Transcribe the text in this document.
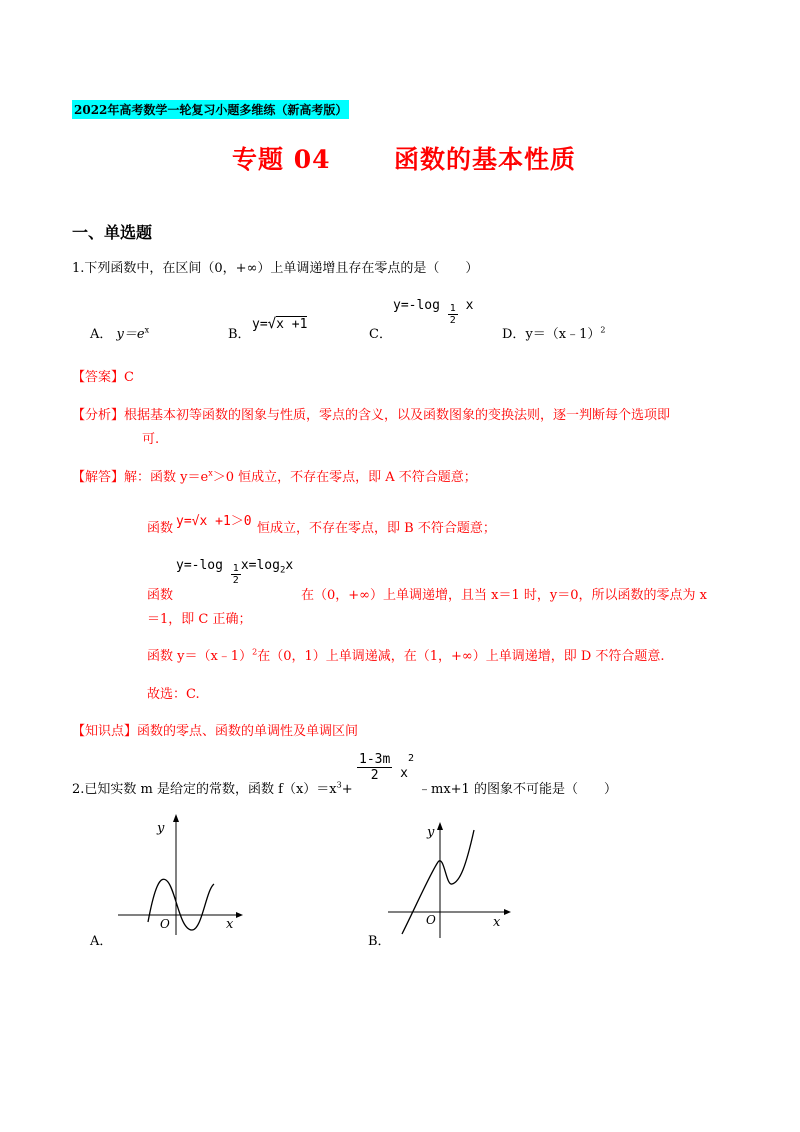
2022年高考数学一轮复习小题多维练（新高考版）
专题 04	函数的基本性质
一、单选题
1.下列函数中，在区间（0，+∞）上单调递增且存在零点的是（　　）
A． $y=e^x$	B．
y=√x +1
C．
$y=-\log \frac{1}{2}$ x
D．y＝（x﹣1）$^2$
【答案】C
【分析】根据基本初等函数的图象与性质，零点的含义，以及函数图象的变换法则，逐一判断每个选项即
可.
【解答】解：函数 $y=e^x>0$ 恒成立，不存在零点，即 A 不符合题意；
函数 y=√x +1＞0 恒成立，不存在零点，即 B 不符合题意；
$y=-\log \frac{1}{2} x=\log_2x$
函数	在（0，+∞）上单调递增，且当 x＝1 时，y＝0，所以函数的零点为 x
＝1，即 C 正确；
函数 y＝（x﹣1）$^2$在（0，1）上单调递减，在（1，+∞）上单调递增，即 D 不符合题意.
故选：C.
【知识点】函数的零点、函数的单调性及单调区间
2.已知实数 m 是给定的常数，函数 $f(x)=x^3+$
$\frac{1-3m}{2} x^2$
﹣mx+1 的图象不可能是（　　）
y
x
O
A．
y
x
O
B．
